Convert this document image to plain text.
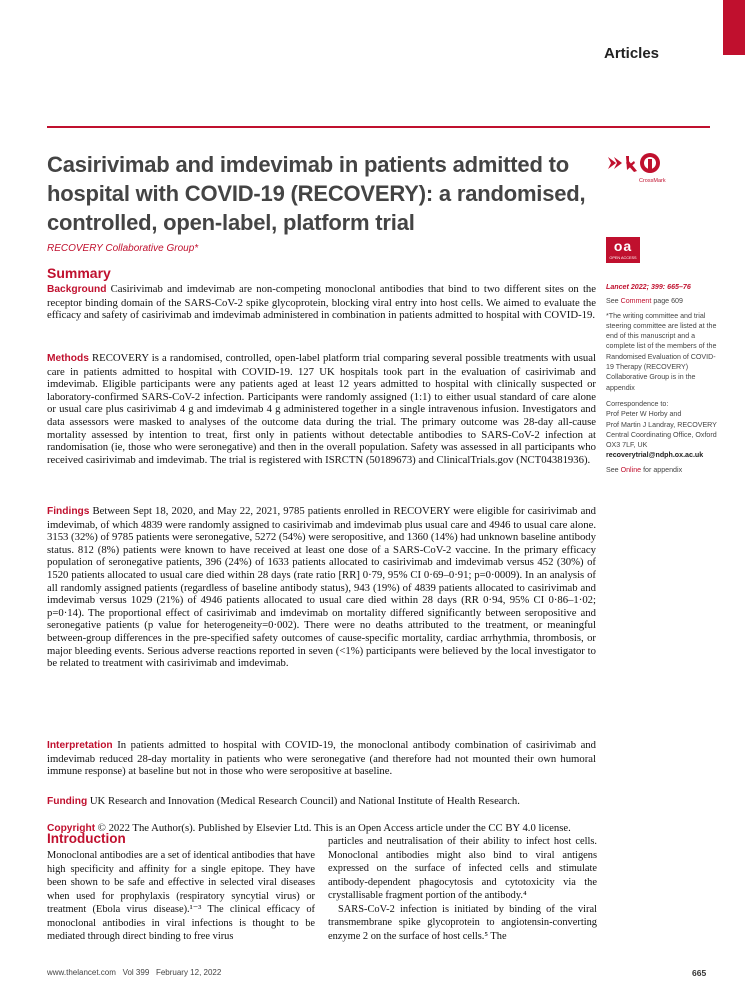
Articles
Casirivimab and imdevimab in patients admitted to hospital with COVID-19 (RECOVERY): a randomised, controlled, open-label, platform trial
CrossMark
RECOVERY Collaborative Group*	oa
OPEN ACCESS
Summary

Background Casirivimab and imdevimab are non-competing monoclonal antibodies that bind to two different sites on the receptor binding domain of the SARS-CoV-2 spike glycoprotein, blocking viral entry into host cells. We aimed to evaluate the efficacy and safety of casirivimab and imdevimab administered in combination in patients admitted to hospital with COVID-19.

Methods RECOVERY is a randomised, controlled, open-label platform trial comparing several possible treatments with usual care in patients admitted to hospital with COVID-19. 127 UK hospitals took part in the evaluation of casirivimab and imdevimab. Eligible participants were any patients aged at least 12 years admitted to hospital with clinically suspected or laboratory-confirmed SARS-CoV-2 infection. Participants were randomly assigned (1:1) to either usual standard of care alone or usual care plus casirivimab 4 g and imdevimab 4 g administered together in a single intravenous infusion. Investigators and data assessors were masked to analyses of the outcome data during the trial. The primary outcome was 28-day all-cause mortality assessed by intention to treat, first only in patients without detectable antibodies to SARS-CoV-2 infection at randomisation (ie, those who were seronegative) and then in the overall population. Safety was assessed in all participants who received casirivimab and imdevimab. The trial is registered with ISRCTN (50189673) and ClinicalTrials.gov (NCT04381936).

Findings Between Sept 18, 2020, and May 22, 2021, 9785 patients enrolled in RECOVERY were eligible for casirivimab and imdevimab, of which 4839 were randomly assigned to casirivimab and imdevimab plus usual care and 4946 to usual care alone. 3153 (32%) of 9785 patients were seronegative, 5272 (54%) were seropositive, and 1360 (14%) had unknown baseline antibody status. 812 (8%) patients were known to have received at least one dose of a SARS-CoV-2 vaccine. In the primary efficacy population of seronegative patients, 396 (24%) of 1633 patients allocated to casirivimab and imdevimab versus 452 (30%) of 1520 patients allocated to usual care died within 28 days (rate ratio [RR] 0·79, 95% CI 0·69–0·91; p=0·0009). In an analysis of all randomly assigned patients (regardless of baseline antibody status), 943 (19%) of 4839 patients allocated to casirivimab and imdevimab versus 1029 (21%) of 4946 patients allocated to usual care died within 28 days (RR 0·94, 95% CI 0·86–1·02; p=0·14). The proportional effect of casirivimab and imdevimab on mortality differed significantly between seropositive and seronegative patients (p value for heterogeneity=0·002). There were no deaths attributed to the treatment, or meaningful between-group differences in the pre-specified safety outcomes of cause-specific mortality, cardiac arrhythmia, thrombosis, or major bleeding events. Serious adverse reactions reported in seven (<1%) participants were believed by the local investigator to be related to treatment with casirivimab and imdevimab.

Interpretation In patients admitted to hospital with COVID-19, the monoclonal antibody combination of casirivimab and imdevimab reduced 28-day mortality in patients who were seronegative (and therefore had not mounted their own humoral immune response) at baseline but not in those who were seropositive at baseline.

Funding UK Research and Innovation (Medical Research Council) and National Institute of Health Research.

Copyright © 2022 The Author(s). Published by Elsevier Ltd. This is an Open Access article under the CC BY 4.0 license.

Introduction

Monoclonal antibodies are a set of identical antibodies that have high specificity and affinity for a single epitope. They have been shown to be safe and effective in selected viral diseases when used for prophylaxis (respiratory syncytial virus) or treatment (Ebola virus disease).¹⁻³ The clinical efficacy of monoclonal antibodies in viral infections is thought to be mediated through direct binding to free virus

particles and neutralisation of their ability to infect host cells. Monoclonal antibodies might also bind to viral antigens expressed on the surface of infected cells and stimulate antibody-dependent phagocytosis and cytotoxicity via the crystallisable fragment portion of the antibody.⁴
SARS-CoV-2 infection is initiated by binding of the viral transmembrane spike glycoprotein to angiotensin-converting enzyme 2 on the surface of host cells.⁵ The

Lancet 2022; 399: 665–76

See Comment page 609

*The writing committee and trial steering committee are listed at the end of this manuscript and a complete list of the members of the Randomised Evaluation of COVID-19 Therapy (RECOVERY) Collaborative Group is in the appendix

Correspondence to:

Prof Peter W Horby and

Prof Martin J Landray, RECOVERY Central Coordinating Office, Oxford OX3 7LF, UK

recoverytrial@ndph.ox.ac.uk

See Online for appendix

www.thelancet.com   Vol 399   February 12, 2022	665
